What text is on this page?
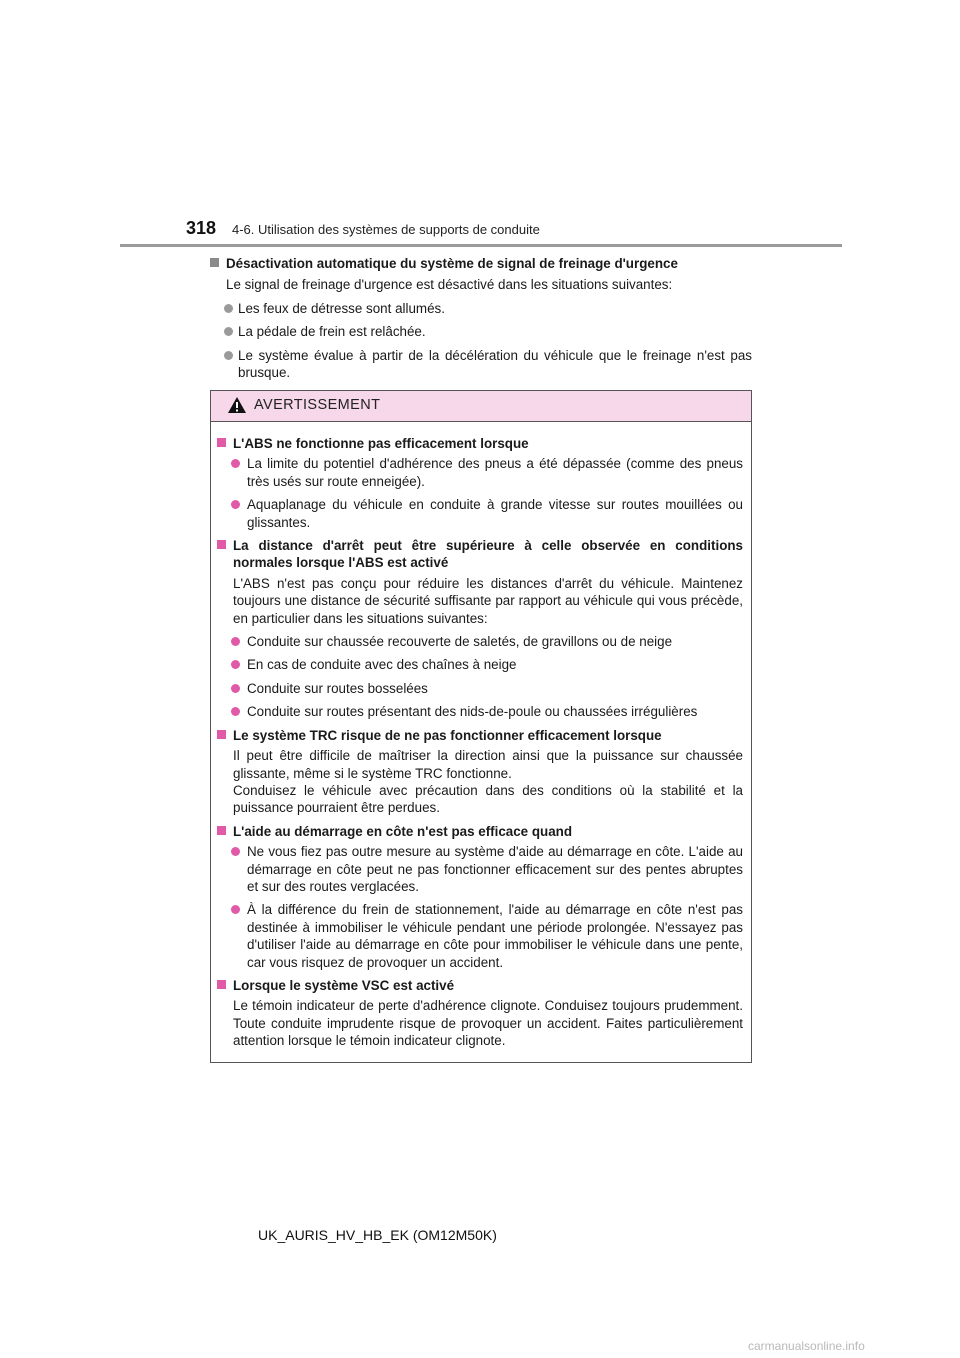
318 4-6. Utilisation des systèmes de supports de conduite
Désactivation automatique du système de signal de freinage d'urgence
Le signal de freinage d'urgence est désactivé dans les situations suivantes:
Les feux de détresse sont allumés.
La pédale de frein est relâchée.
Le système évalue à partir de la décélération du véhicule que le freinage n'est pas brusque.
AVERTISSEMENT
L'ABS ne fonctionne pas efficacement lorsque
La limite du potentiel d'adhérence des pneus a été dépassée (comme des pneus très usés sur route enneigée).
Aquaplanage du véhicule en conduite à grande vitesse sur routes mouillées ou glissantes.
La distance d'arrêt peut être supérieure à celle observée en conditions normales lorsque l'ABS est activé
L'ABS n'est pas conçu pour réduire les distances d'arrêt du véhicule. Maintenez toujours une distance de sécurité suffisante par rapport au véhicule qui vous précède, en particulier dans les situations suivantes:
Conduite sur chaussée recouverte de saletés, de gravillons ou de neige
En cas de conduite avec des chaînes à neige
Conduite sur routes bosselées
Conduite sur routes présentant des nids-de-poule ou chaussées irrégulières
Le système TRC risque de ne pas fonctionner efficacement lorsque
Il peut être difficile de maîtriser la direction ainsi que la puissance sur chaussée glissante, même si le système TRC fonctionne.
Conduisez le véhicule avec précaution dans des conditions où la stabilité et la puissance pourraient être perdues.
L'aide au démarrage en côte n'est pas efficace quand
Ne vous fiez pas outre mesure au système d'aide au démarrage en côte. L'aide au démarrage en côte peut ne pas fonctionner efficacement sur des pentes abruptes et sur des routes verglacées.
À la différence du frein de stationnement, l'aide au démarrage en côte n'est pas destinée à immobiliser le véhicule pendant une période prolongée. N'essayez pas d'utiliser l'aide au démarrage en côte pour immobiliser le véhicule dans une pente, car vous risquez de provoquer un accident.
Lorsque le système VSC est activé
Le témoin indicateur de perte d'adhérence clignote. Conduisez toujours prudemment. Toute conduite imprudente risque de provoquer un accident. Faites particulièrement attention lorsque le témoin indicateur clignote.
UK_AURIS_HV_HB_EK (OM12M50K)
carmanualsonline.info
